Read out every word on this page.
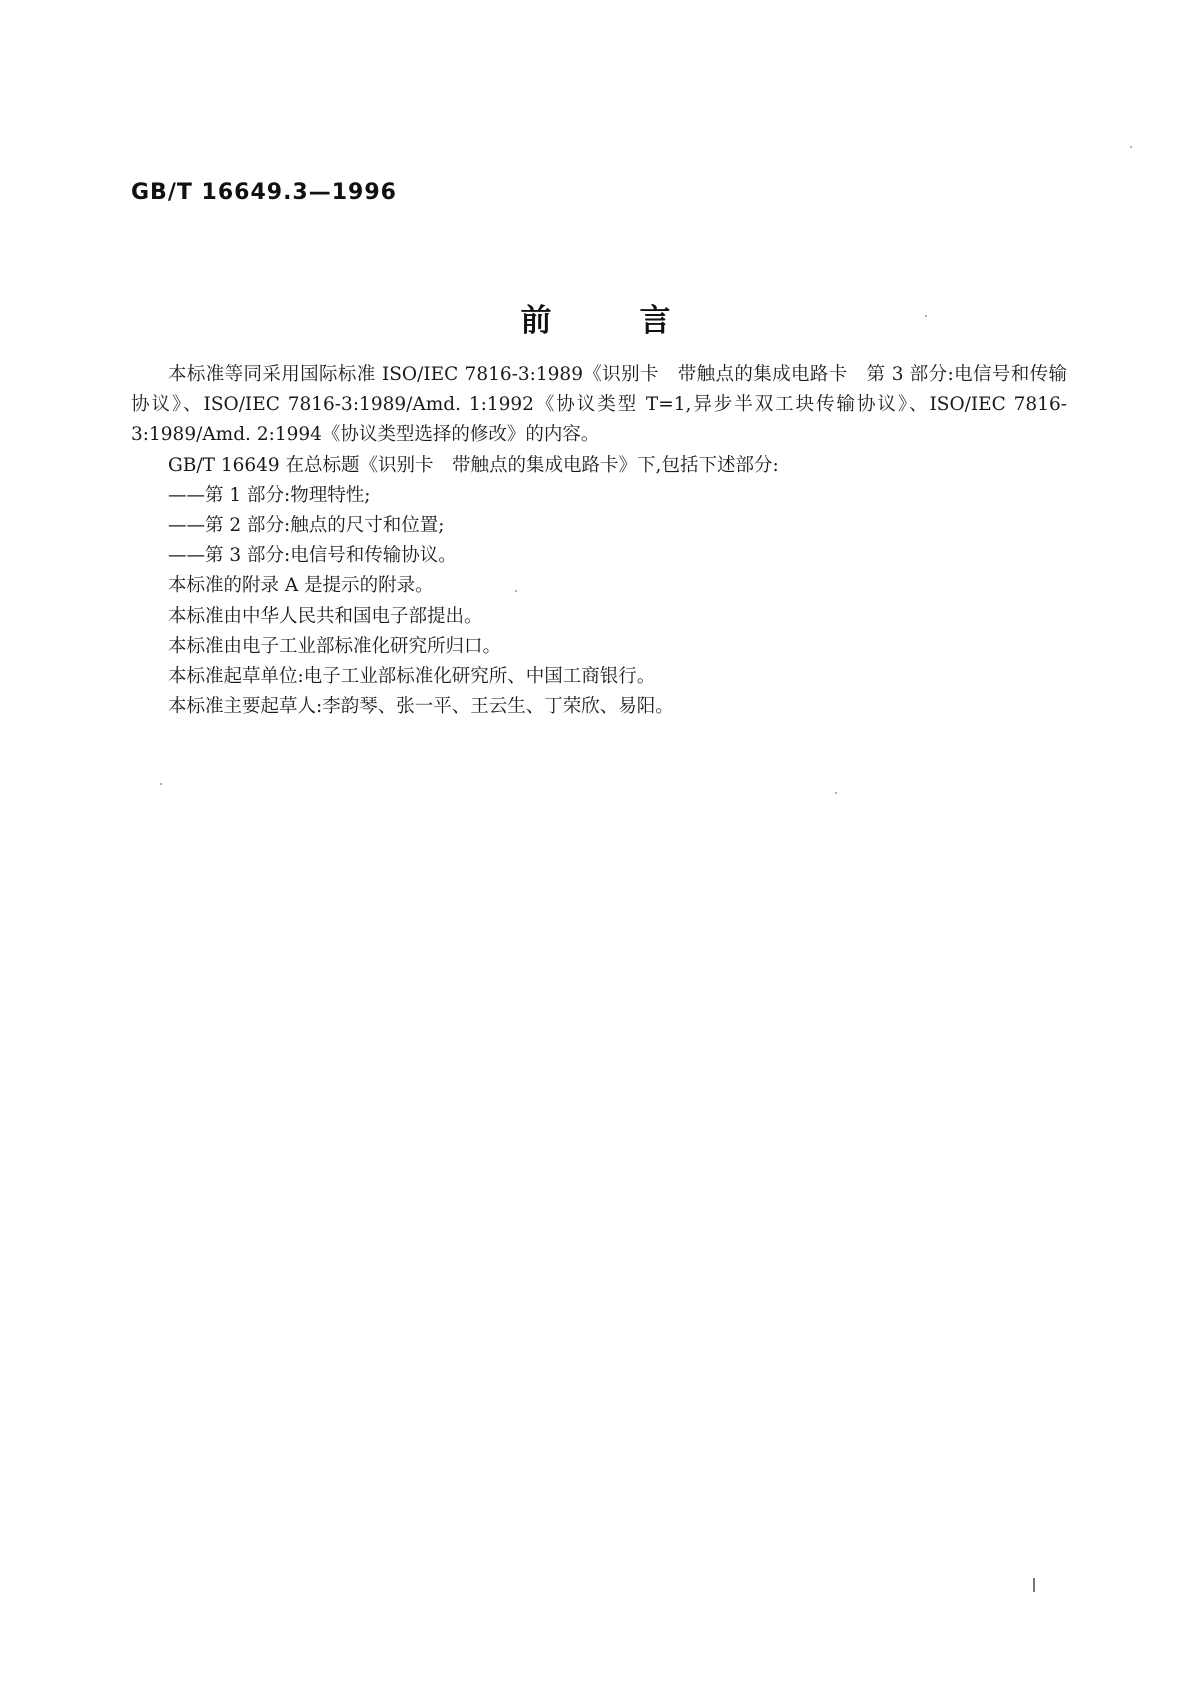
GB/T 16649.3—1996
前言

本标准等同采用国际标准 ISO/IEC 7816-3:1989《识别卡　带触点的集成电路卡　第 3 部分:电信号和传输协议》、ISO/IEC 7816-3:1989/Amd. 1:1992《协议类型 T=1,异步半双工块传输协议》、ISO/IEC 7816-3:1989/Amd. 2:1994《协议类型选择的修改》的内容。

GB/T 16649 在总标题《识别卡　带触点的集成电路卡》下,包括下述部分:

——第 1 部分:物理特性;

——第 2 部分:触点的尺寸和位置;

——第 3 部分:电信号和传输协议。

本标准的附录 A 是提示的附录。

本标准由中华人民共和国电子部提出。

本标准由电子工业部标准化研究所归口。

本标准起草单位:电子工业部标准化研究所、中国工商银行。

本标准主要起草人:李韵琴、张一平、王云生、丁荣欣、易阳。
